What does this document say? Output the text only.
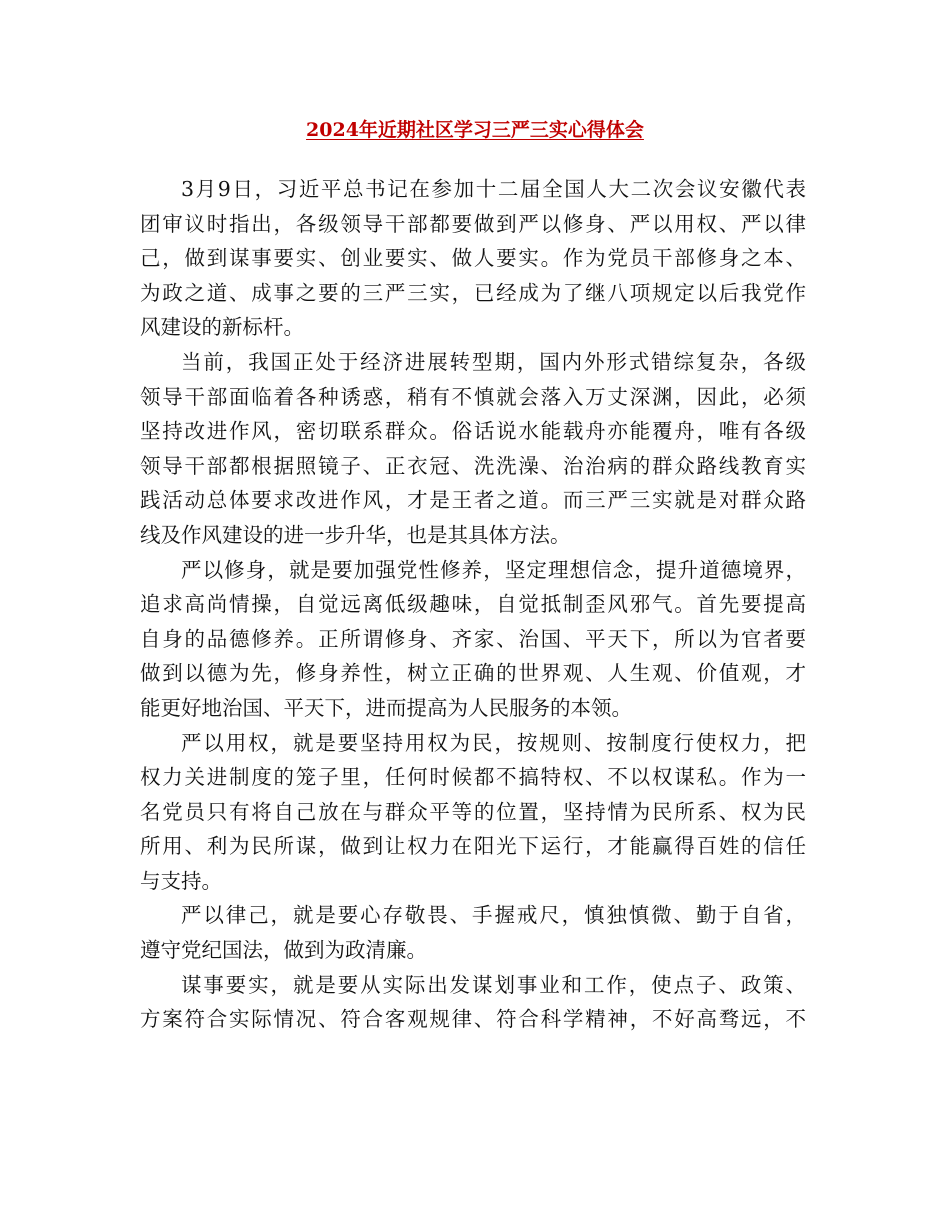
2024年近期社区学习三严三实心得体会
3月9日，习近平总书记在参加十二届全国人大二次会议安徽代表
团审议时指出，各级领导干部都要做到严以修身、严以用权、严以律
己，做到谋事要实、创业要实、做人要实。作为党员干部修身之本、
为政之道、成事之要的三严三实，已经成为了继八项规定以后我党作
风建设的新标杆。
当前，我国正处于经济进展转型期，国内外形式错综复杂，各级
领导干部面临着各种诱惑，稍有不慎就会落入万丈深渊，因此，必须
坚持改进作风，密切联系群众。俗话说水能载舟亦能覆舟，唯有各级
领导干部都根据照镜子、正衣冠、洗洗澡、治治病的群众路线教育实
践活动总体要求改进作风，才是王者之道。而三严三实就是对群众路
线及作风建设的进一步升华，也是其具体方法。
严以修身，就是要加强党性修养，坚定理想信念，提升道德境界，
追求高尚情操，自觉远离低级趣味，自觉抵制歪风邪气。首先要提高
自身的品德修养。正所谓修身、齐家、治国、平天下，所以为官者要
做到以德为先，修身养性，树立正确的世界观、人生观、价值观，才
能更好地治国、平天下，进而提高为人民服务的本领。
严以用权，就是要坚持用权为民，按规则、按制度行使权力，把
权力关进制度的笼子里，任何时候都不搞特权、不以权谋私。作为一
名党员只有将自己放在与群众平等的位置，坚持情为民所系、权为民
所用、利为民所谋，做到让权力在阳光下运行，才能赢得百姓的信任
与支持。
严以律己，就是要心存敬畏、手握戒尺，慎独慎微、勤于自省，
遵守党纪国法，做到为政清廉。
谋事要实，就是要从实际出发谋划事业和工作，使点子、政策、
方案符合实际情况、符合客观规律、符合科学精神，不好高骛远，不
